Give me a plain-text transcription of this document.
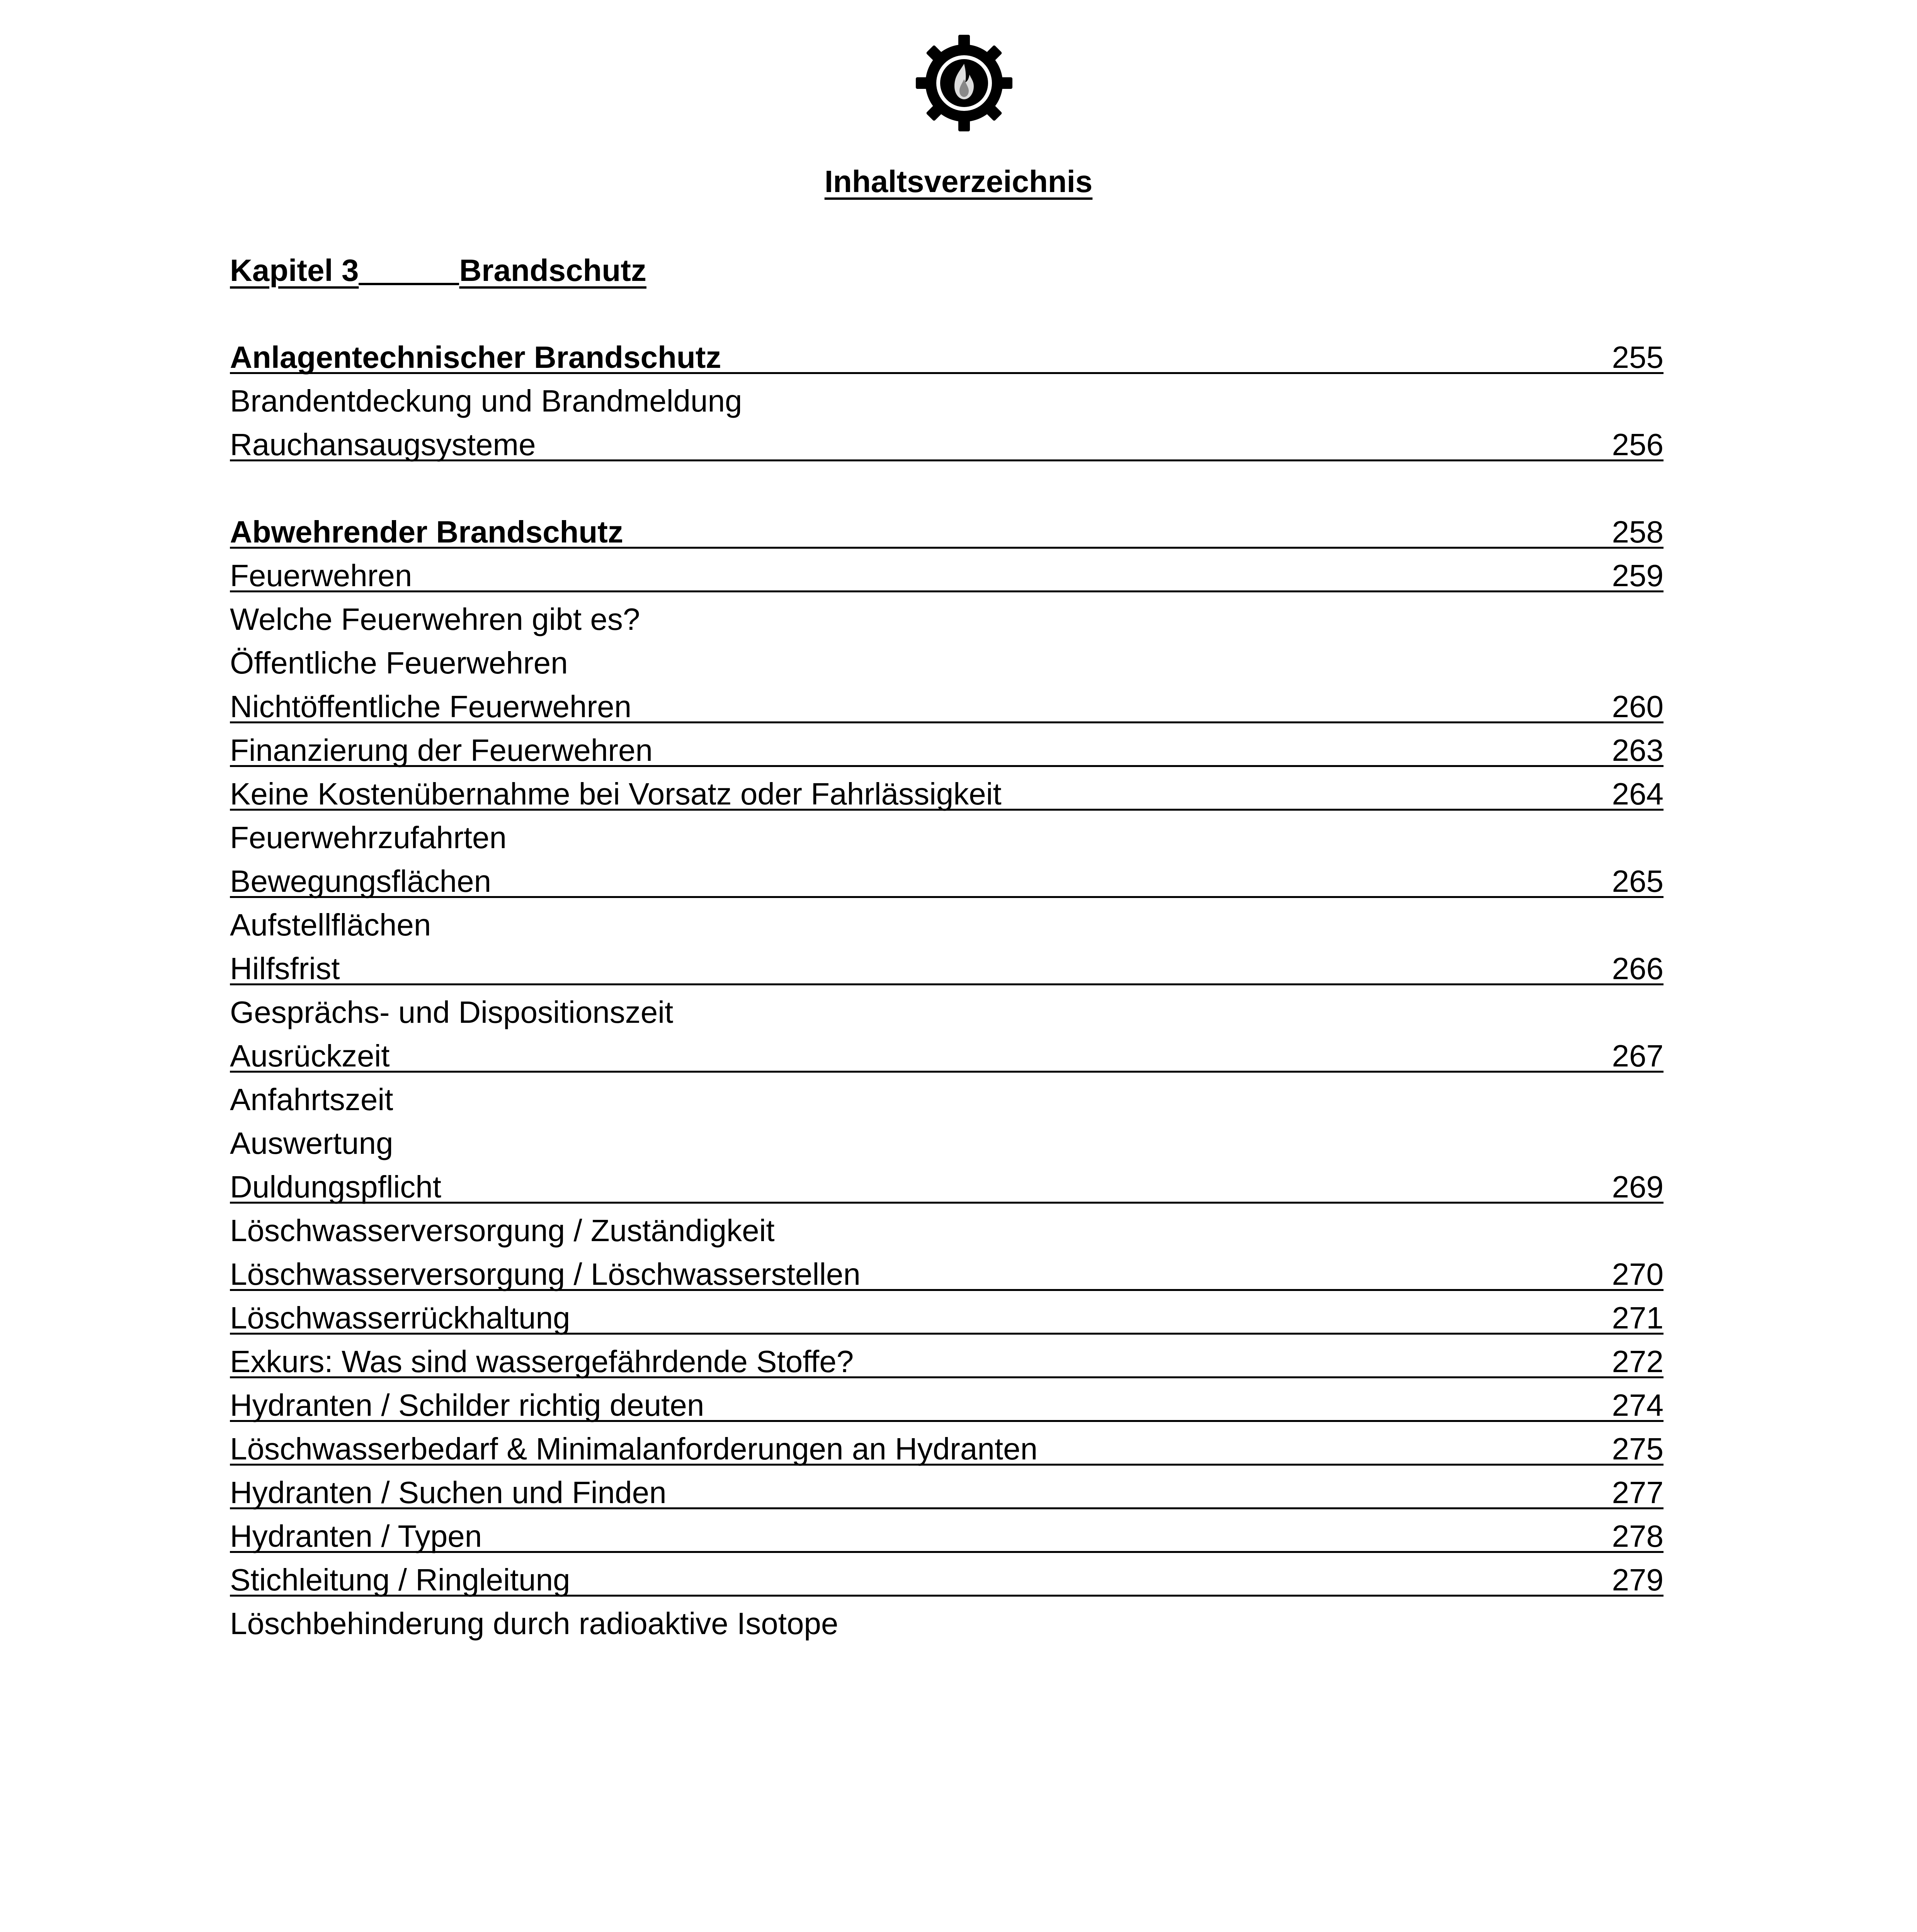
Inhaltsverzeichnis
Kapitel 3	Brandschutz
Anlagentechnischer Brandschutz	255
Brandentdeckung und Brandmeldung
Rauchansaugsysteme	256
Abwehrender Brandschutz	258
Feuerwehren	259
Welche Feuerwehren gibt es?
Öffentliche Feuerwehren
Nichtöffentliche Feuerwehren	260
Finanzierung der Feuerwehren	263
Keine Kostenübernahme bei Vorsatz oder Fahrlässigkeit	264
Feuerwehrzufahrten
Bewegungsflächen	265
Aufstellflächen
Hilfsfrist	266
Gesprächs- und Dispositionszeit
Ausrückzeit	267
Anfahrtszeit
Auswertung
Duldungspflicht	269
Löschwasserversorgung / Zuständigkeit
Löschwasserversorgung / Löschwasserstellen	270
Löschwasserrückhaltung	271
Exkurs: Was sind wassergefährdende Stoffe?	272
Hydranten / Schilder richtig deuten	274
Löschwasserbedarf & Minimalanforderungen an Hydranten	275
Hydranten / Suchen und Finden	277
Hydranten / Typen	278
Stichleitung / Ringleitung	279
Löschbehinderung durch radioaktive Isotope
